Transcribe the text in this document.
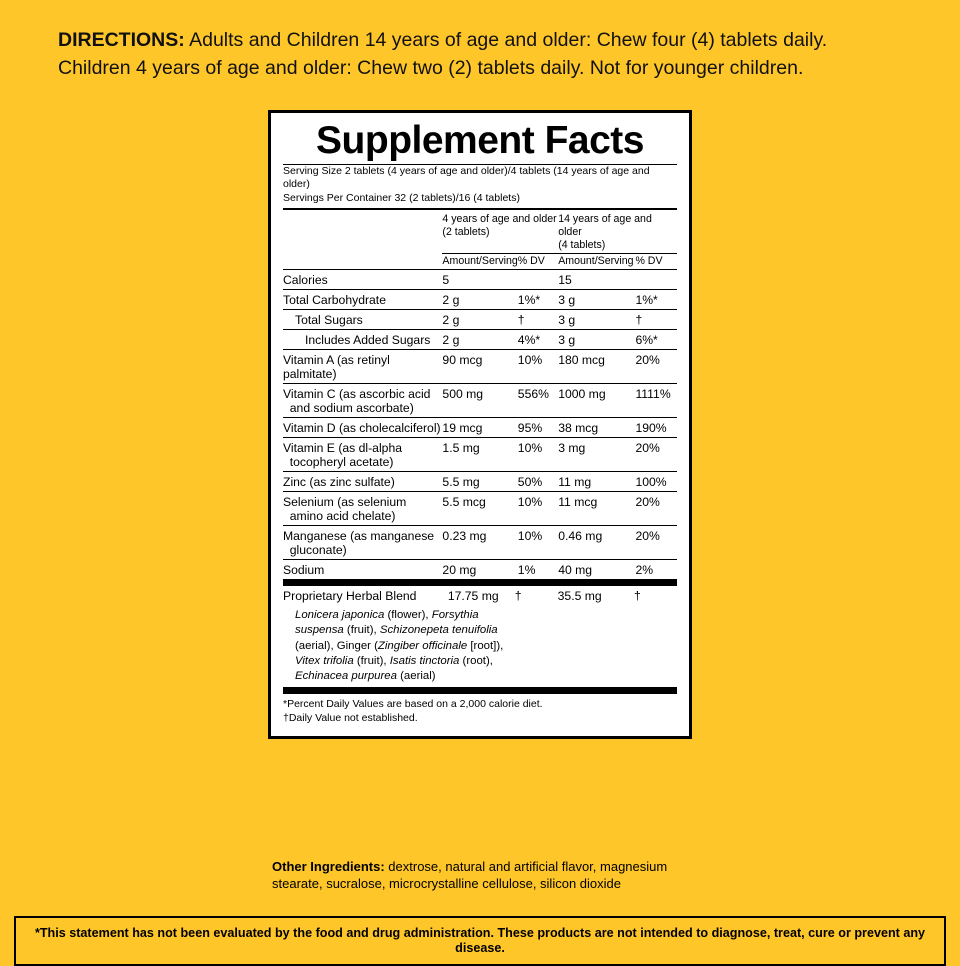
DIRECTIONS: Adults and Children 14 years of age and older: Chew four (4) tablets daily.
Children 4 years of age and older: Chew two (2) tablets daily. Not for younger children.
Supplement Facts
Serving Size 2 tablets (4 years of age and older)/4 tablets (14 years of age and older)
Servings Per Container 32 (2 tablets)/16 (4 tablets)
	4 years of age and older
(2 tablets)		14 years of age and older
(4 tablets)	
	Amount/Serving	% DV	Amount/Serving	% DV
Calories	5		15	
Total Carbohydrate	2 g	1%*	3 g	1%*
Total Sugars	2 g	†	3 g	†
Includes Added Sugars	2 g	4%*	3 g	6%*
Vitamin A (as retinyl palmitate)	90 mcg	10%	180 mcg	20%
Vitamin C (as ascorbic acid
and sodium ascorbate)	500 mg	556%	1000 mg	1111%
Vitamin D (as cholecalciferol)	19 mcg	95%	38 mcg	190%
Vitamin E (as dl-alpha
tocopheryl acetate)	1.5 mg	10%	3 mg	20%
Zinc (as zinc sulfate)	5.5 mg	50%	11 mg	100%
Selenium (as selenium
amino acid chelate)	5.5 mcg	10%	11 mcg	20%
Manganese (as manganese
gluconate)	0.23 mg	10%	0.46 mg	20%
Sodium	20 mg	1%	40 mg	2%
Proprietary Herbal Blend	17.75 mg	†	35.5 mg	†
Lonicera japonica (flower), Forsythia suspensa (fruit), Schizonepeta tenuifolia (aerial), Ginger (Zingiber officinale [root]), Vitex trifolia (fruit), Isatis tinctoria (root), Echinacea purpurea (aerial)				
*Percent Daily Values are based on a 2,000 calorie diet.
†Daily Value not established.
Other Ingredients: dextrose, natural and artificial flavor, magnesium stearate, sucralose, microcrystalline cellulose, silicon dioxide
*This statement has not been evaluated by the food and drug administration. These products are not intended to diagnose, treat, cure or prevent any disease.
